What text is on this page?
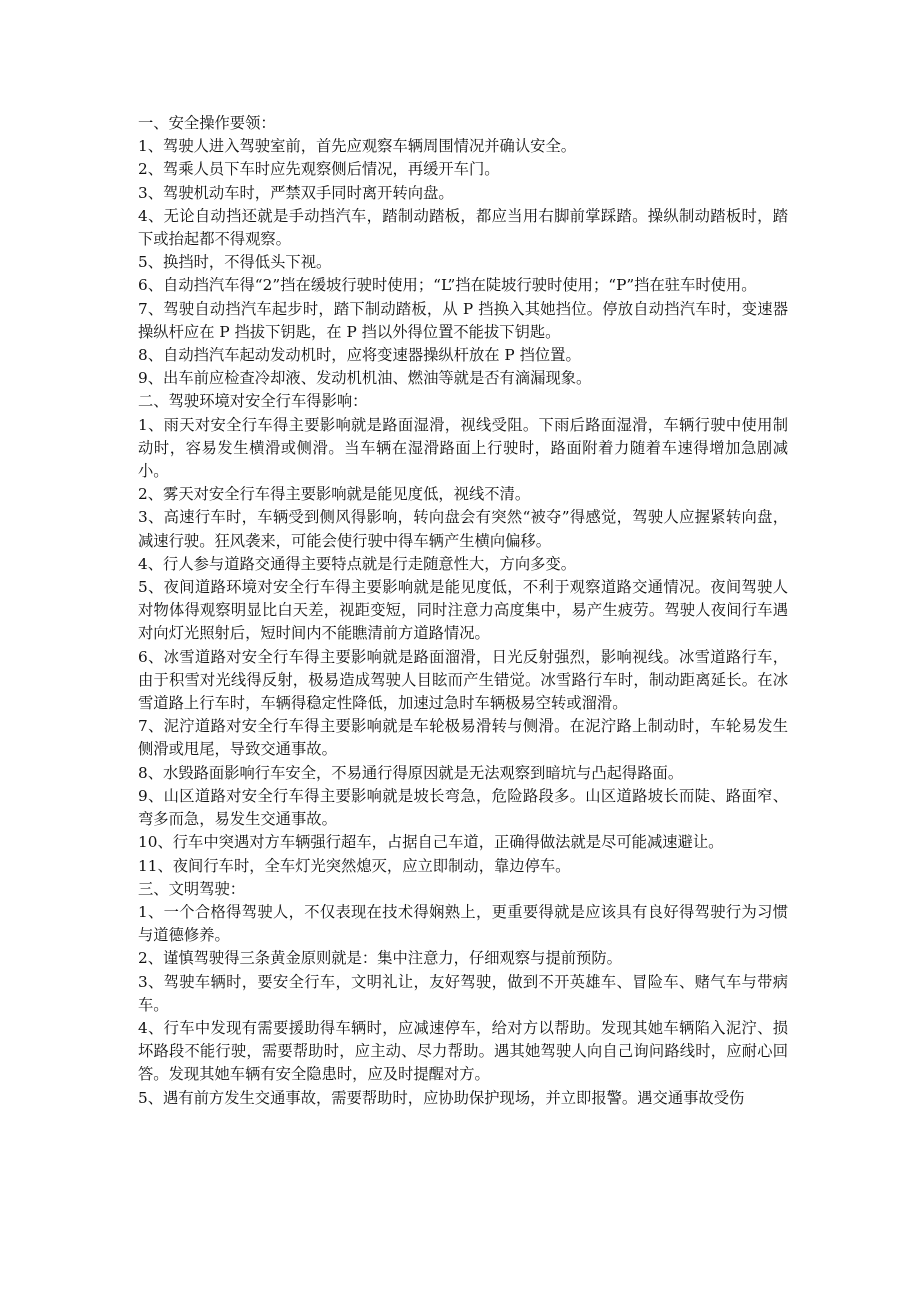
一、安全操作要领：

1、驾驶人进入驾驶室前，首先应观察车辆周围情况并确认安全。

2、驾乘人员下车时应先观察侧后情况，再缓开车门。

3、驾驶机动车时，严禁双手同时离开转向盘。

4、无论自动挡还就是手动挡汽车，踏制动踏板，都应当用右脚前掌踩踏。操纵制动踏板时，踏下或抬起都不得观察。

5、换挡时，不得低头下视。

6、自动挡汽车得“2”挡在缓坡行驶时使用；“L”挡在陡坡行驶时使用；“P”挡在驻车时使用。

7、驾驶自动挡汽车起步时，踏下制动踏板，从 P 挡换入其她挡位。停放自动挡汽车时，变速器操纵杆应在 P 挡拔下钥匙，在 P 挡以外得位置不能拔下钥匙。

8、自动挡汽车起动发动机时，应将变速器操纵杆放在 P 挡位置。

9、出车前应检查冷却液、发动机机油、燃油等就是否有滴漏现象。

二、驾驶环境对安全行车得影响：

1、雨天对安全行车得主要影响就是路面湿滑，视线受阻。下雨后路面湿滑，车辆行驶中使用制动时，容易发生横滑或侧滑。当车辆在湿滑路面上行驶时，路面附着力随着车速得增加急剧减小。

2、雾天对安全行车得主要影响就是能见度低，视线不清。

3、高速行车时，车辆受到侧风得影响，转向盘会有突然“被夺”得感觉，驾驶人应握紧转向盘，减速行驶。狂风袭来，可能会使行驶中得车辆产生横向偏移。

4、行人参与道路交通得主要特点就是行走随意性大，方向多变。

5、夜间道路环境对安全行车得主要影响就是能见度低，不利于观察道路交通情况。夜间驾驶人对物体得观察明显比白天差，视距变短，同时注意力高度集中，易产生疲劳。驾驶人夜间行车遇对向灯光照射后，短时间内不能瞧清前方道路情况。

6、冰雪道路对安全行车得主要影响就是路面溜滑，日光反射强烈，影响视线。冰雪道路行车，由于积雪对光线得反射，极易造成驾驶人目眩而产生错觉。冰雪路行车时，制动距离延长。在冰雪道路上行车时，车辆得稳定性降低，加速过急时车辆极易空转或溜滑。

7、泥泞道路对安全行车得主要影响就是车轮极易滑转与侧滑。在泥泞路上制动时，车轮易发生侧滑或甩尾，导致交通事故。

8、水毁路面影响行车安全，不易通行得原因就是无法观察到暗坑与凸起得路面。

9、山区道路对安全行车得主要影响就是坡长弯急，危险路段多。山区道路坡长而陡、路面窄、弯多而急，易发生交通事故。

10、行车中突遇对方车辆强行超车，占据自己车道，正确得做法就是尽可能减速避让。

11、夜间行车时，全车灯光突然熄灭，应立即制动，靠边停车。

三、文明驾驶：

1、一个合格得驾驶人，不仅表现在技术得娴熟上，更重要得就是应该具有良好得驾驶行为习惯与道德修养。

2、谨慎驾驶得三条黄金原则就是：集中注意力，仔细观察与提前预防。

3、驾驶车辆时，要安全行车，文明礼让，友好驾驶，做到不开英雄车、冒险车、赌气车与带病车。

4、行车中发现有需要援助得车辆时，应减速停车，给对方以帮助。发现其她车辆陷入泥泞、损坏路段不能行驶，需要帮助时，应主动、尽力帮助。遇其她驾驶人向自己询问路线时，应耐心回答。发现其她车辆有安全隐患时，应及时提醒对方。

5、遇有前方发生交通事故，需要帮助时，应协助保护现场，并立即报警。遇交通事故受伤
